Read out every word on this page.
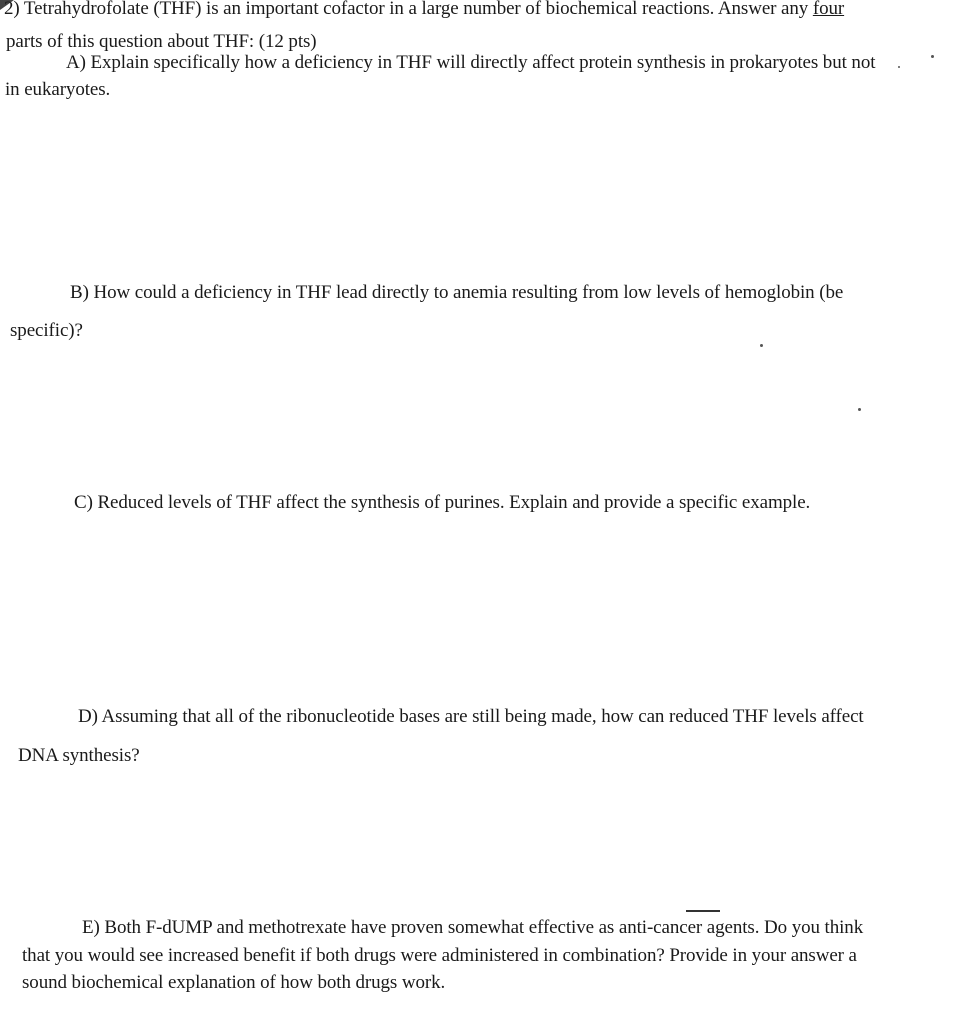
2) Tetrahydrofolate (THF) is an important cofactor in a large number of biochemical reactions. Answer any four
parts of this question about THF: (12 pts)
A) Explain specifically how a deficiency in THF will directly affect protein synthesis in prokaryotes but not
in eukaryotes.
B) How could a deficiency in THF lead directly to anemia resulting from low levels of hemoglobin (be
specific)?
C) Reduced levels of THF affect the synthesis of purines. Explain and provide a specific example.
D) Assuming that all of the ribonucleotide bases are still being made, how can reduced THF levels affect
DNA synthesis?
E) Both F-dUMP and methotrexate have proven somewhat effective as anti-cancer agents. Do you think
that you would see increased benefit if both drugs were administered in combination? Provide in your answer a
sound biochemical explanation of how both drugs work.
